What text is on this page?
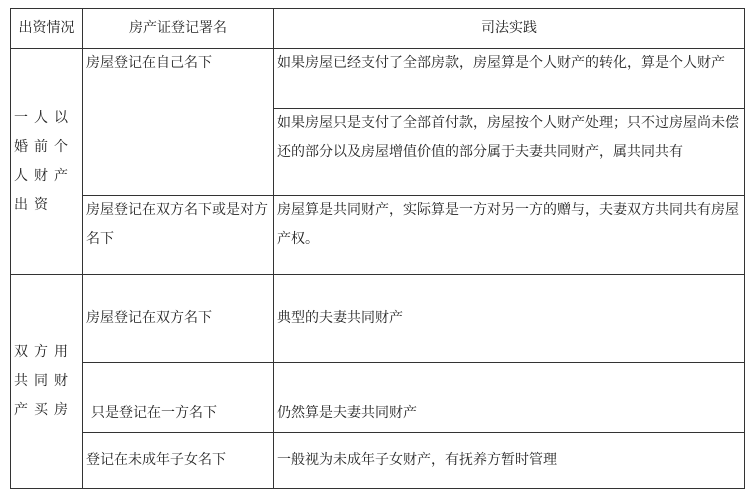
出资情况	房产证登记署名	司法实践
一人以婚前个人财产出资	房屋登记在自己名下	如果房屋已经支付了全部房款，房屋算是个人财产的转化，算是个人财产
		如果房屋只是支付了全部首付款，房屋按个人财产处理；只不过房屋尚未偿还的部分以及房屋增值价值的部分属于夫妻共同财产，属共同共有
	房屋登记在双方名下或是对方名下	房屋算是共同财产，实际算是一方对另一方的赠与，夫妻双方共同共有房屋产权。
双方用共同财产买房	房屋登记在双方名下	典型的夫妻共同财产
	只是登记在一方名下	仍然算是夫妻共同财产
	登记在未成年子女名下	一般视为未成年子女财产，有抚养方暂时管理
